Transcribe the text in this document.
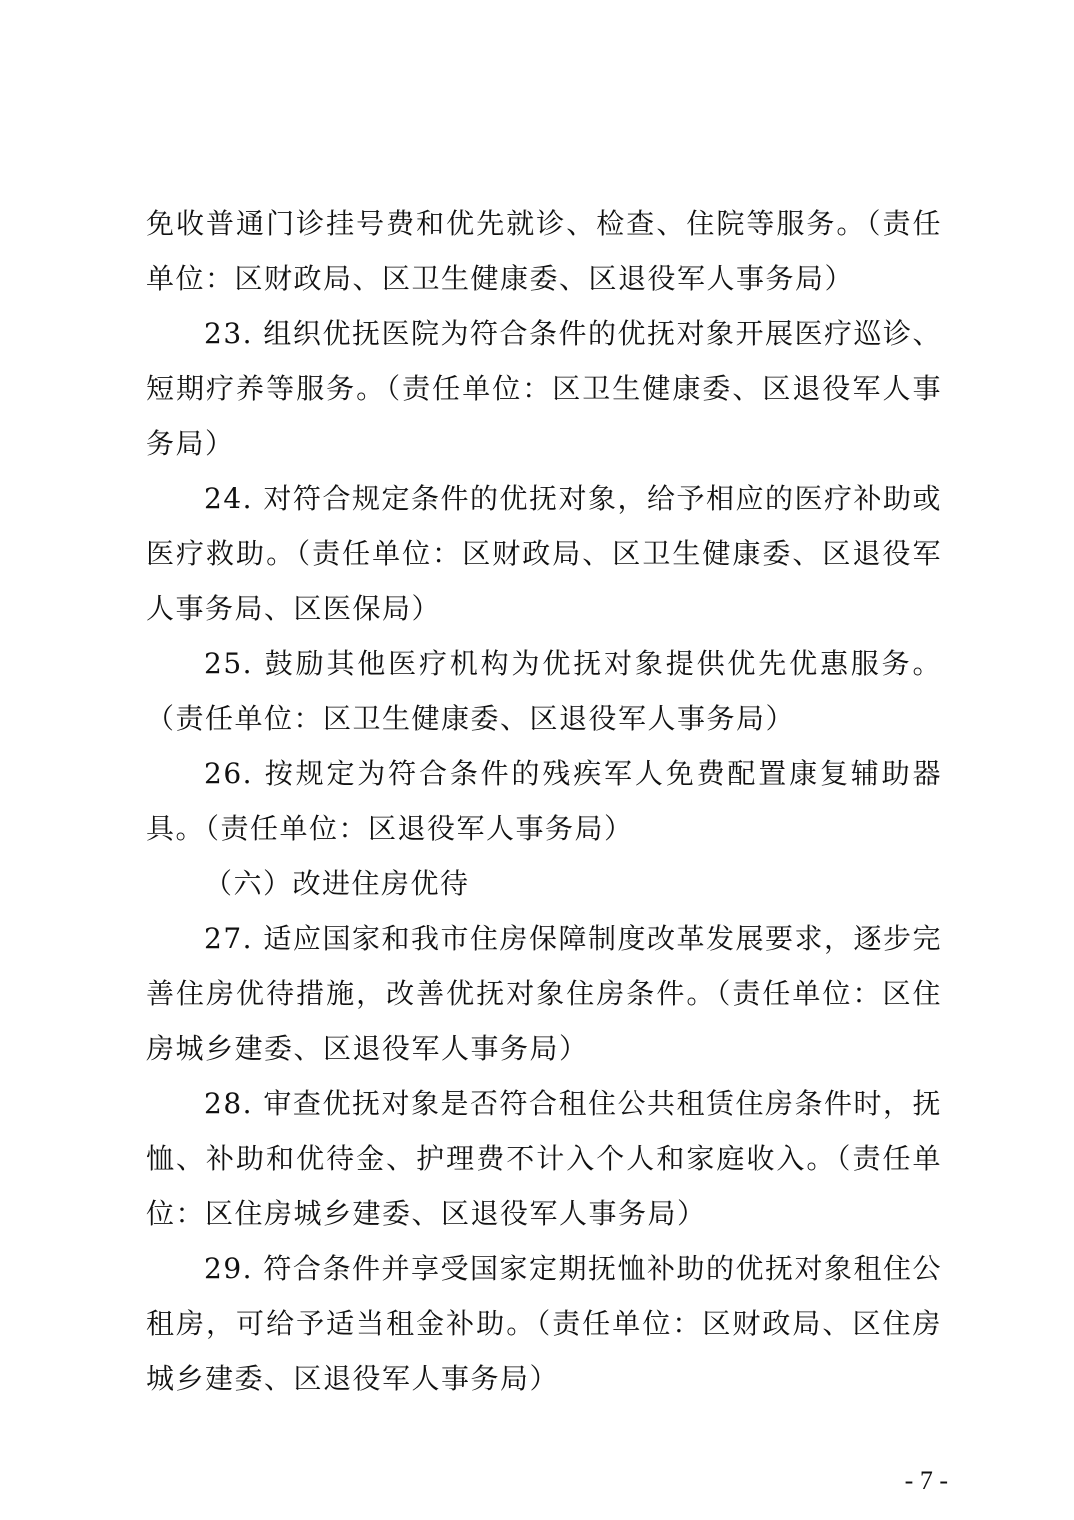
免收普通门诊挂号费和优先就诊、检查、住院等服务。（责任单位：区财政局、区卫生健康委、区退役军人事务局）

23. 组织优抚医院为符合条件的优抚对象开展医疗巡诊、短期疗养等服务。（责任单位：区卫生健康委、区退役军人事务局）

24. 对符合规定条件的优抚对象，给予相应的医疗补助或医疗救助。（责任单位：区财政局、区卫生健康委、区退役军人事务局、区医保局）

25. 鼓励其他医疗机构为优抚对象提供优先优惠服务。（责任单位：区卫生健康委、区退役军人事务局）

26. 按规定为符合条件的残疾军人免费配置康复辅助器具。（责任单位：区退役军人事务局）

（六）改进住房优待

27. 适应国家和我市住房保障制度改革发展要求，逐步完善住房优待措施，改善优抚对象住房条件。（责任单位：区住房城乡建委、区退役军人事务局）

28. 审查优抚对象是否符合租住公共租赁住房条件时，抚恤、补助和优待金、护理费不计入个人和家庭收入。（责任单位：区住房城乡建委、区退役军人事务局）

29. 符合条件并享受国家定期抚恤补助的优抚对象租住公租房，可给予适当租金补助。（责任单位：区财政局、区住房城乡建委、区退役军人事务局）

- 7 -
